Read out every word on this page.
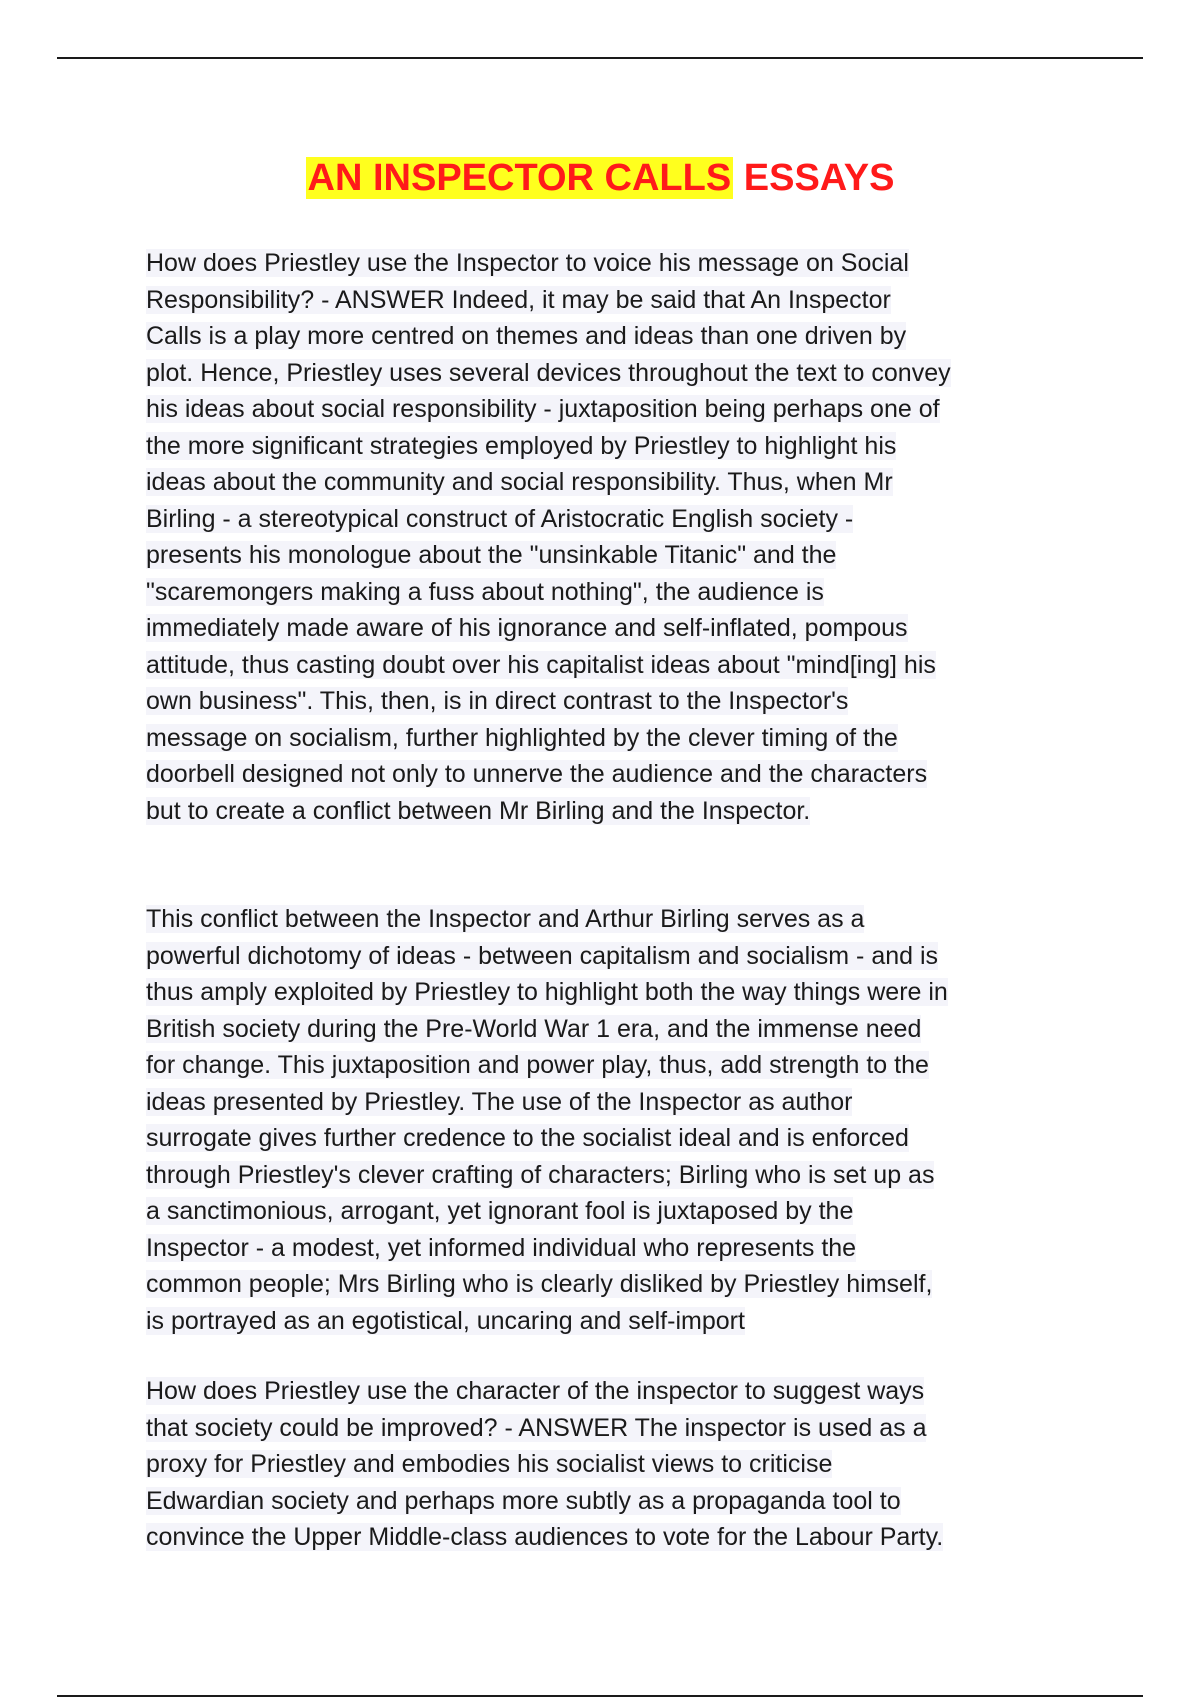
AN INSPECTOR CALLS ESSAYS

How does Priestley use the Inspector to voice his message on Social
Responsibility? - ANSWER Indeed, it may be said that An Inspector
Calls is a play more centred on themes and ideas than one driven by
plot. Hence, Priestley uses several devices throughout the text to convey
his ideas about social responsibility - juxtaposition being perhaps one of
the more significant strategies employed by Priestley to highlight his
ideas about the community and social responsibility. Thus, when Mr
Birling - a stereotypical construct of Aristocratic English society -
presents his monologue about the "unsinkable Titanic" and the
"scaremongers making a fuss about nothing", the audience is
immediately made aware of his ignorance and self-inflated, pompous
attitude, thus casting doubt over his capitalist ideas about "mind[ing] his
own business". This, then, is in direct contrast to the Inspector's
message on socialism, further highlighted by the clever timing of the
doorbell designed not only to unnerve the audience and the characters
but to create a conflict between Mr Birling and the Inspector.

This conflict between the Inspector and Arthur Birling serves as a
powerful dichotomy of ideas - between capitalism and socialism - and is
thus amply exploited by Priestley to highlight both the way things were in
British society during the Pre-World War 1 era, and the immense need
for change. This juxtaposition and power play, thus, add strength to the
ideas presented by Priestley. The use of the Inspector as author
surrogate gives further credence to the socialist ideal and is enforced
through Priestley's clever crafting of characters; Birling who is set up as
a sanctimonious, arrogant, yet ignorant fool is juxtaposed by the
Inspector - a modest, yet informed individual who represents the
common people; Mrs Birling who is clearly disliked by Priestley himself,
is portrayed as an egotistical, uncaring and self-import

How does Priestley use the character of the inspector to suggest ways
that society could be improved? - ANSWER The inspector is used as a
proxy for Priestley and embodies his socialist views to criticise
Edwardian society and perhaps more subtly as a propaganda tool to
convince the Upper Middle-class audiences to vote for the Labour Party.
